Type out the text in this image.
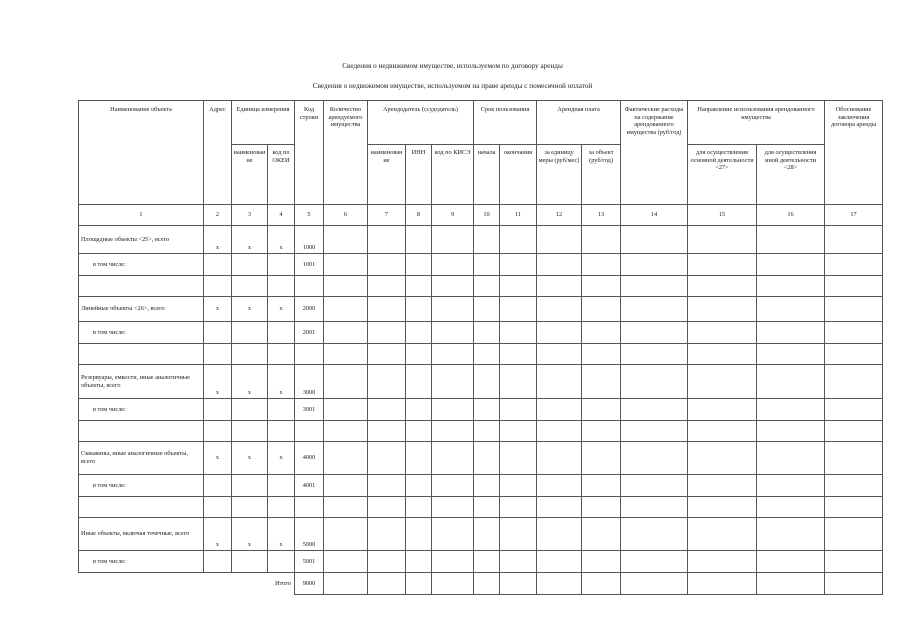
Сведения о недвижимом имуществе, используемом по договору аренды
Сведения о недвижимом имуществе, используемом на праве аренды с помесячной оплатой
Наименование объекта	Адрес	Единица измерения		Код строки	Количество арендуемого имущества	Арендодатель (ссудодатель)			Срок пользования		Арендная плата		Фактические расходы на содержание арендованного имущества (руб/год)	Направление использования арендованного имущества		Обоснование заключения договора аренды
		наименование	код по ОКЕИ			наименование	ИНН	код по КИСЭ	начала	окончания	за единицу меры (руб/мес)	за объект (руб/год)		для осуществления основной деятельности <27>	для осуществления иной деятельности <28>	
1	2	3	4	5	6	7	8	9	10	11	12	13	14	15	16	17
Площадные объекты <25>, всего	x	x	x	1000												
в том числе:				1001												

Линейные объекты <26>, всего	x	x	x	2000												
в том числе:				2001												

Резервуары, емкости, иные аналогичные объекты, всего	x	x	x	3000												
в том числе:				3001												

Скважины, иные аналогичные объекты, всего	x	x	x	4000												
в том числе:				4001												

Иные объекты, включая точечные, всего	x	x	x	5000												
в том числе:				5001												
Итого				9000												
